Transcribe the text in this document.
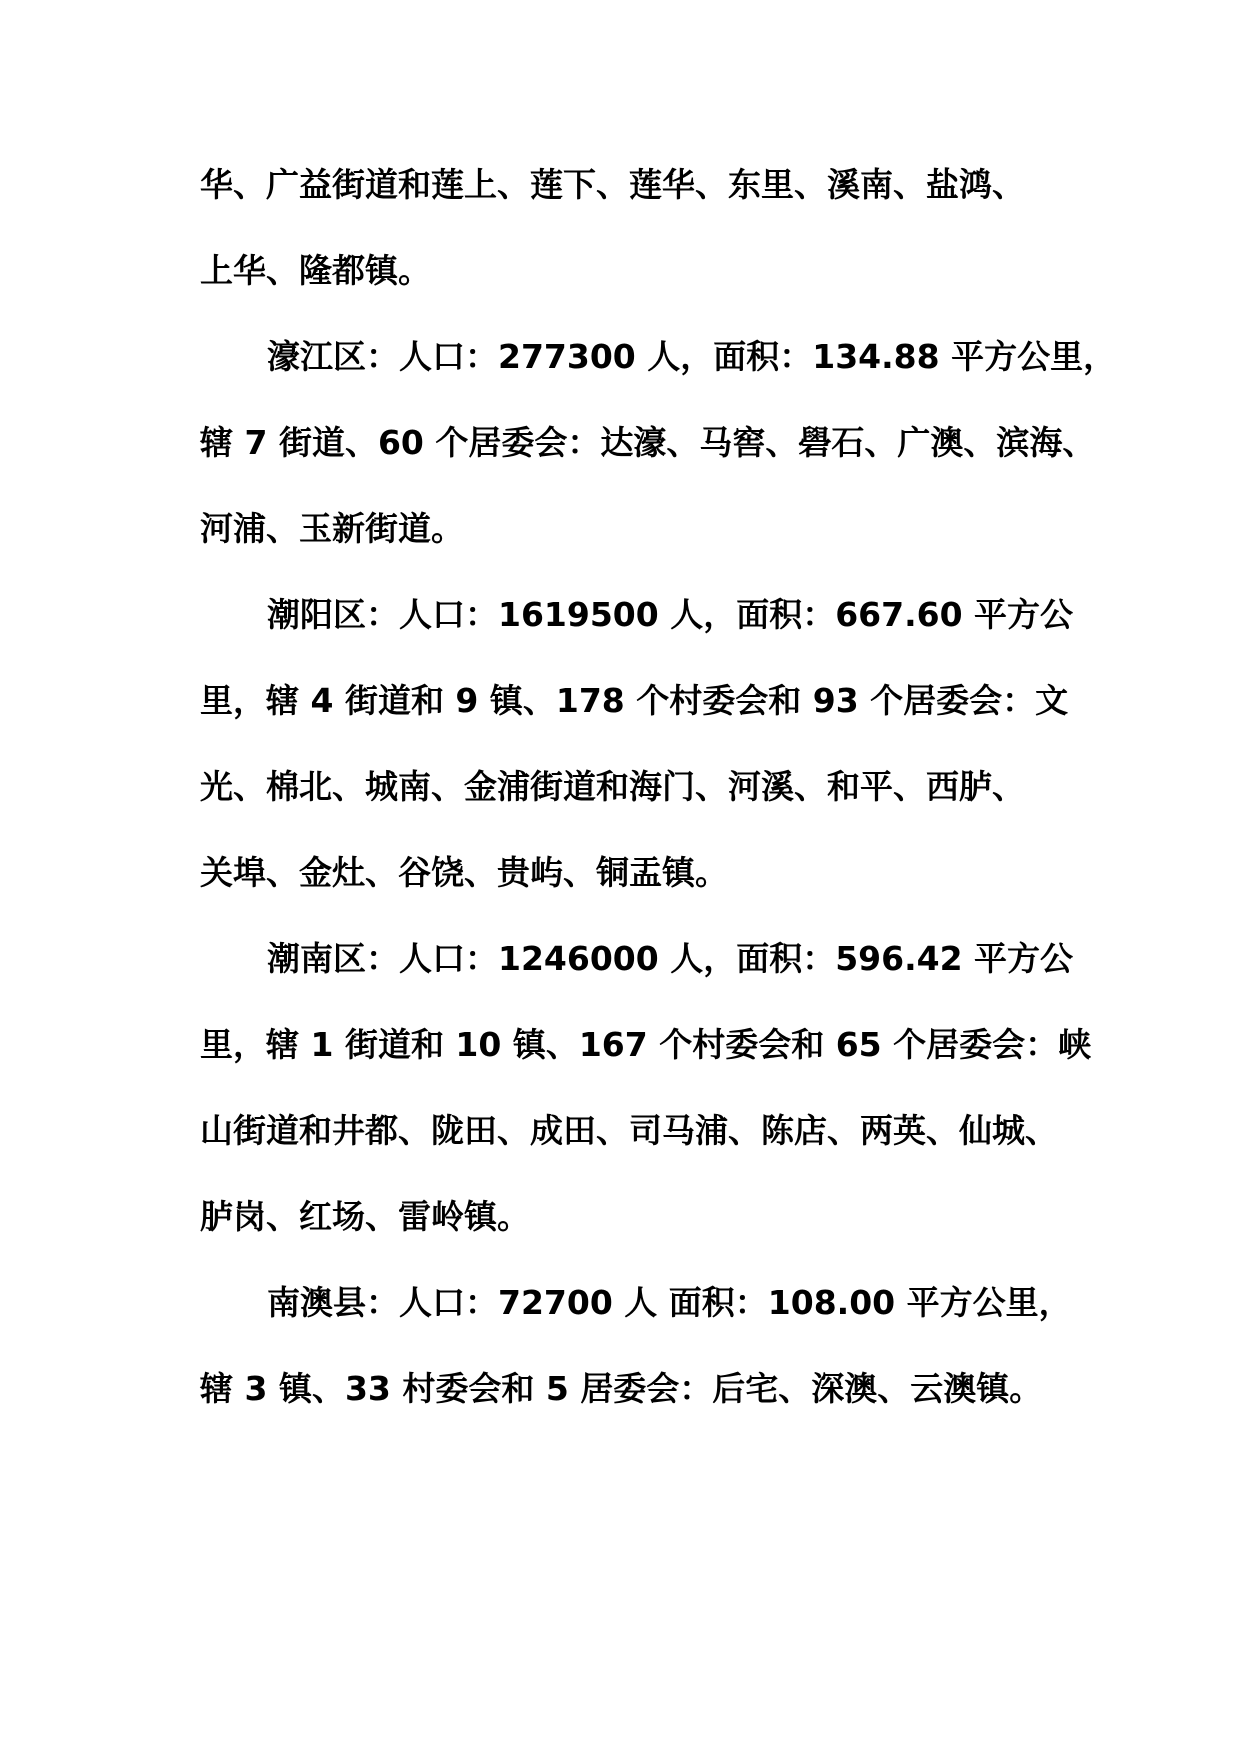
华、广益街道和莲上、莲下、莲华、东里、溪南、盐鸿、
上华、隆都镇。
濠江区：人口：277300 人，面积：134.88 平方公里，
辖 7 街道、60 个居委会：达濠、马窖、礐石、广澳、滨海、
河浦、玉新街道。
潮阳区：人口：1619500 人，面积：667.60 平方公
里，辖 4 街道和 9 镇、178 个村委会和 93 个居委会：文
光、棉北、城南、金浦街道和海门、河溪、和平、西胪、
关埠、金灶、谷饶、贵屿、铜盂镇。
潮南区：人口：1246000 人，面积：596.42 平方公
里，辖 1 街道和 10 镇、167 个村委会和 65 个居委会：峡
山街道和井都、陇田、成田、司马浦、陈店、两英、仙城、
胪岗、红场、雷岭镇。
南澳县：人口：72700 人 面积：108.00 平方公里，
辖 3 镇、33 村委会和 5 居委会：后宅、深澳、云澳镇。
